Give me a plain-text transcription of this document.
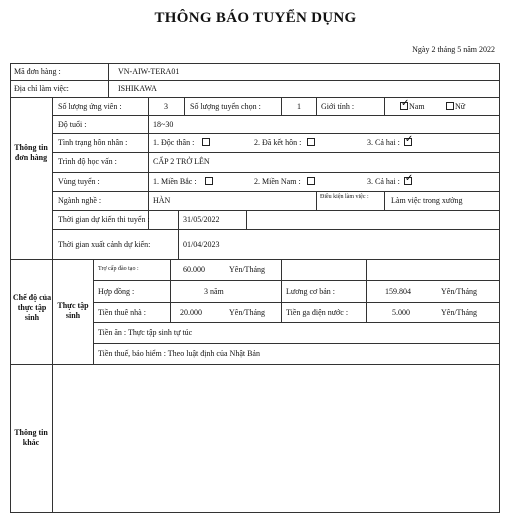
THÔNG BÁO TUYỂN DỤNG
Ngày 2 tháng 5 năm 2022
Mã đơn hàng :	VN-AIW-TERA01
Địa chỉ làm việc:	ISHIKAWA
Thông tin đơn hàng
Chế độ của thực tập sinh
Thực tập sinh
Thông tin khác
Số lượng ứng viên :	3	Số lượng tuyển chọn :	1	Giới tính :
✓	Nam	Nữ
Độ tuổi :	18~30
Tình trạng hôn nhân :	1. Độc thân :	2. Đã kết hôn :	3. Cả hai :✓
Trình độ học vấn :	CẤP 2 TRỞ LÊN
Vùng tuyển :	1. Miền Bắc :	2. Miền Nam :	3. Cả hai :✓
Ngành nghề :	HÀN	Điều kiện làm việc :	Làm việc trong xưởng
Thời gian dự kiến thi tuyển :	31/05/2022
Thời gian xuất cảnh dự kiến:	01/04/2023
Trợ cấp đào tạo :	60.000	Yên/Tháng
Hợp đồng :	3 năm	Lương cơ bản :	159.804	Yên/Tháng
Tiền thuê nhà :	20.000	Yên/Tháng	Tiền ga điện nước :	5.000	Yên/Tháng
Tiền ăn : Thực tập sinh tự túc
Tiền thuế, bảo hiểm : Theo luật định của Nhật Bản
